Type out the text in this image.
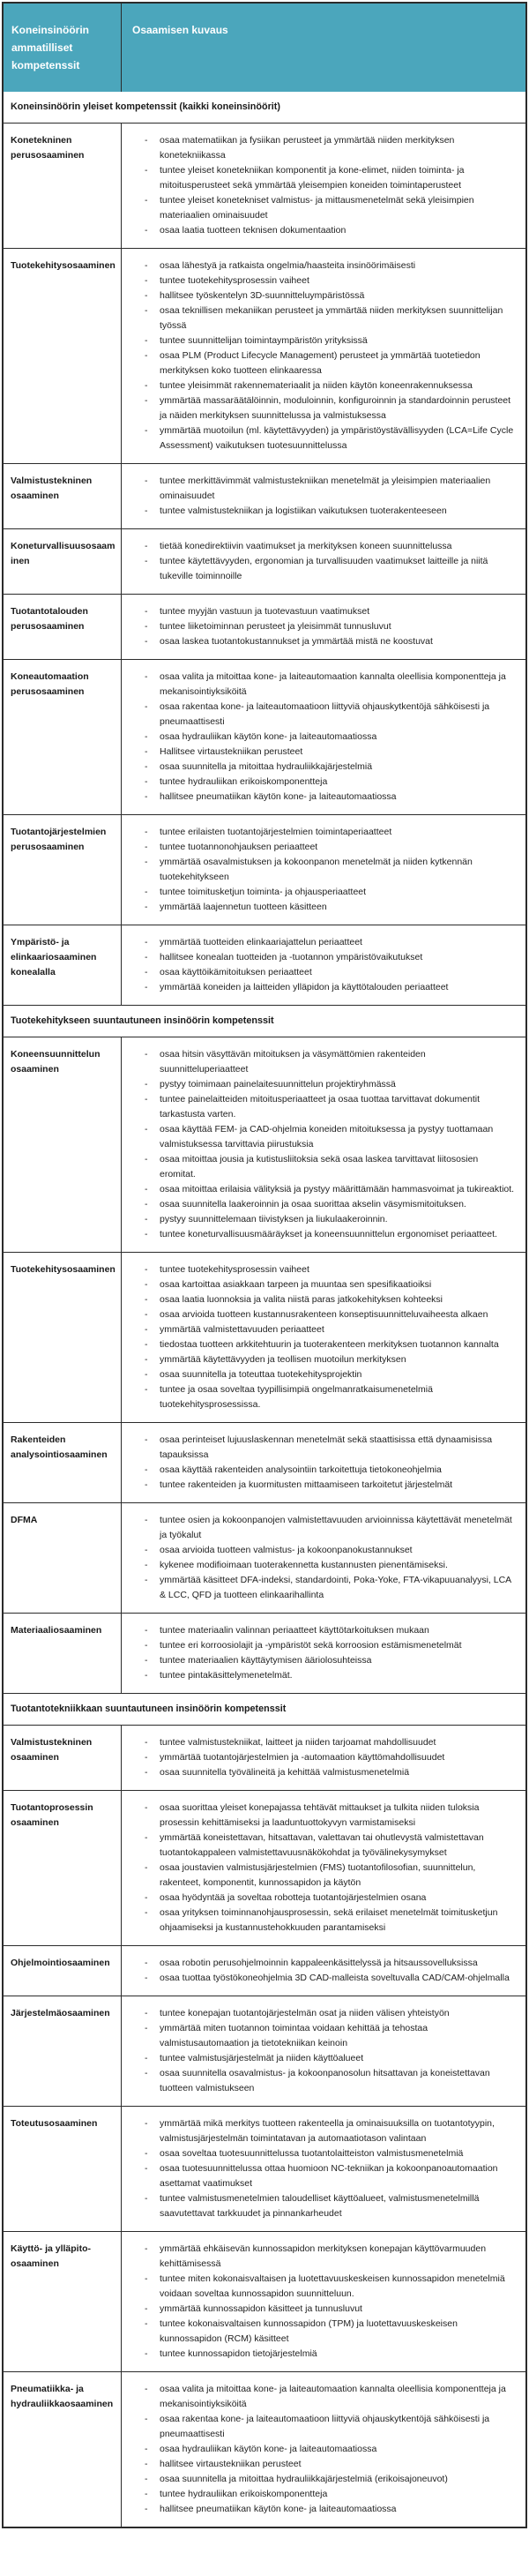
Koneinsinöörin ammatilliset kompetenssit
Osaamisen kuvaus
Koneinsinöörin yleiset kompetenssit (kaikki koneinsinöörit)
Konetekninen perusosaaminen
-	osaa matematiikan ja fysiikan perusteet ja ymmärtää niiden merkityksen konetekniikassa
-	tuntee yleiset konetekniikan komponentit ja kone-elimet, niiden toiminta- ja mitoitusperusteet sekä ymmärtää yleisempien koneiden toimintaperusteet
-	tuntee yleiset konetekniset valmistus- ja mittausmenetelmät sekä yleisimpien materiaalien ominaisuudet
-	osaa laatia tuotteen teknisen dokumentaation
Tuotekehitysosaaminen	-	osaa lähestyä ja ratkaista ongelmia/haasteita insinöörimäisesti
-	tuntee tuotekehitysprosessin vaiheet
-	hallitsee työskentelyn 3D-suunnitteluympäristössä
-	osaa teknillisen mekaniikan perusteet ja ymmärtää niiden merkityksen suunnittelijan työssä
-	tuntee suunnittelijan toimintaympäristön yrityksissä
-	osaa PLM (Product Lifecycle Management) perusteet ja ymmärtää tuotetiedon merkityksen koko tuotteen elinkaaressa
-	tuntee yleisimmät rakennemateriaalit ja niiden käytön koneenrakennuksessa
-	ymmärtää massaräätälöinnin, moduloinnin, konfiguroinnin ja standardoinnin perusteet ja näiden merkityksen suunnittelussa ja valmistuksessa
-	ymmärtää muotoilun (ml. käytettävyyden) ja ympäristöystävällisyyden (LCA=Life Cycle Assessment) vaikutuksen tuotesuunnittelussa
Valmistustekninen osaaminen
-	tuntee merkittävimmät valmistustekniikan menetelmät ja yleisimpien materiaalien ominaisuudet
-	tuntee valmistustekniikan ja logistiikan vaikutuksen tuoterakenteeseen
Koneturvallisuusosaaminen
-	tietää konedirektiivin vaatimukset ja merkityksen koneen suunnittelussa
-	tuntee käytettävyyden, ergonomian ja turvallisuuden vaatimukset laitteille ja niitä tukeville toiminnoille
Tuotantotalouden perusosaaminen
-	tuntee myyjän vastuun ja tuotevastuun vaatimukset
-	tuntee liiketoiminnan perusteet ja yleisimmät tunnusluvut
-	osaa laskea tuotantokustannukset ja ymmärtää mistä ne koostuvat
Koneautomaation perusosaaminen
-	osaa valita ja mitoittaa kone- ja laiteautomaation kannalta oleellisia komponentteja ja mekanisointiyksiköitä
-	osaa rakentaa kone- ja laiteautomaatioon liittyviä ohjauskytkentöjä sähköisesti ja pneumaattisesti
-	osaa hydrauliikan käytön kone- ja laiteautomaatiossa
-	Hallitsee virtaustekniikan perusteet
-	osaa suunnitella ja mitoittaa hydrauliikkajärjestelmiä
-	tuntee hydrauliikan erikoiskomponentteja
-	hallitsee pneumatiikan käytön kone- ja laiteautomaatiossa
Tuotantojärjestelmien perusosaaminen
-	tuntee erilaisten tuotantojärjestelmien toimintaperiaatteet
-	tuntee tuotannonohjauksen periaatteet
-	ymmärtää osavalmistuksen ja kokoonpanon menetelmät ja niiden kytkennän tuotekehitykseen
-	tuntee toimitusketjun toiminta- ja ohjausperiaatteet
-	ymmärtää laajennetun tuotteen käsitteen
Ympäristö- ja elinkaariosaaminen konealalla
-	ymmärtää tuotteiden elinkaariajattelun periaatteet
-	hallitsee konealan tuotteiden ja -tuotannon ympäristövaikutukset
-	osaa käyttöikämitoituksen periaatteet
-	ymmärtää koneiden ja laitteiden ylläpidon ja käyttötalouden periaatteet
Tuotekehitykseen suuntautuneen insinöörin kompetenssit
Koneensuunnittelun osaaminen
-	osaa hitsin väsyttävän mitoituksen ja väsymättömien rakenteiden suunnitteluperiaatteet
-	pystyy toimimaan painelaitesuunnittelun projektiryhmässä
-	tuntee painelaitteiden mitoitusperiaatteet ja osaa tuottaa tarvittavat dokumentit tarkastusta varten.
-	osaa käyttää FEM- ja CAD-ohjelmia koneiden mitoituksessa ja pystyy tuottamaan valmistuksessa tarvittavia piirustuksia
-	osaa mitoittaa jousia ja kutistusliitoksia sekä osaa laskea tarvittavat liitososien eromitat.
-	osaa mitoittaa erilaisia välityksiä ja pystyy määrittämään hammasvoimat ja tukireaktiot.
-	osaa suunnitella laakeroinnin ja osaa suorittaa akselin väsymismitoituksen.
-	pystyy suunnittelemaan tiivistyksen ja liukulaakeroinnin.
-	tuntee koneturvallisuusmääräykset ja koneensuunnittelun ergonomiset periaatteet.
Tuotekehitysosaaminen	-	tuntee tuotekehitysprosessin vaiheet
-	osaa kartoittaa asiakkaan tarpeen ja muuntaa sen spesifikaatioiksi
-	osaa laatia luonnoksia ja valita niistä paras jatkokehityksen kohteeksi
-	osaa arvioida tuotteen kustannusrakenteen konseptisuunnitteluvaiheesta alkaen
-	ymmärtää valmistettavuuden periaatteet
-	tiedostaa tuotteen arkkitehtuurin ja tuoterakenteen merkityksen tuotannon kannalta
-	ymmärtää käytettävyyden ja teollisen muotoilun merkityksen
-	osaa suunnitella ja toteuttaa tuotekehitysprojektin
-	tuntee ja osaa soveltaa tyypillisimpiä ongelmanratkaisumenetelmiä tuotekehitysprosessissa.
Rakenteiden analysointiosaaminen
-	osaa perinteiset lujuuslaskennan menetelmät sekä staattisissa että dynaamisissa tapauksissa
-	osaa käyttää rakenteiden analysointiin tarkoitettuja tietokoneohjelmia
-	tuntee rakenteiden ja kuormitusten mittaamiseen tarkoitetut järjestelmät
DFMA	-	tuntee osien ja kokoonpanojen valmistettavuuden arvioinnissa käytettävät menetelmät ja työkalut
-	osaa arvioida tuotteen valmistus- ja kokoonpanokustannukset
-	kykenee modifioimaan tuoterakennetta kustannusten pienentämiseksi.
-	ymmärtää käsitteet DFA-indeksi, standardointi, Poka-Yoke, FTA-vikapuuanalyysi, LCA & LCC, QFD ja tuotteen elinkaarihallinta
Materiaaliosaaminen	-	tuntee materiaalin valinnan periaatteet käyttötarkoituksen mukaan
-	tuntee eri korroosiolajit ja -ympäristöt sekä korroosion estämismenetelmät
-	tuntee materiaalien käyttäytymisen ääriolosuhteissa
-	tuntee pintakäsittelymenetelmät.
Tuotantotekniikkaan suuntautuneen insinöörin kompetenssit
Valmistustekninen osaaminen
-	tuntee valmistustekniikat, laitteet ja niiden tarjoamat mahdollisuudet
-	ymmärtää tuotantojärjestelmien ja -automaation käyttömahdollisuudet
-	osaa suunnitella työvälineitä ja kehittää valmistusmenetelmiä
Tuotantoprosessin osaaminen
-	osaa suorittaa yleiset konepajassa tehtävät mittaukset ja tulkita niiden tuloksia prosessin kehittämiseksi ja laaduntuottokyvyn varmistamiseksi
-	ymmärtää koneistettavan, hitsattavan, valettavan tai ohutlevystä valmistettavan tuotantokappaleen valmistettavuusnäkökohdat ja työvälinekysymykset
-	osaa joustavien valmistusjärjestelmien (FMS) tuotantofilosofian, suunnittelun, rakenteet, komponentit, kunnossapidon ja käytön
-	osaa hyödyntää ja soveltaa robotteja tuotantojärjestelmien osana
-	osaa yrityksen toiminnanohjausprosessin, sekä erilaiset menetelmät toimitusketjun ohjaamiseksi ja kustannustehokkuuden parantamiseksi
Ohjelmointiosaaminen	-	osaa robotin perusohjelmoinnin kappaleenkäsittelyssä ja hitsaussovelluksissa
-	osaa tuottaa työstökoneohjelmia 3D CAD-malleista soveltuvalla CAD/CAM-ohjelmalla
Järjestelmäosaaminen	-	tuntee konepajan tuotantojärjestelmän osat ja niiden välisen yhteistyön
-	ymmärtää miten tuotannon toimintaa voidaan kehittää ja tehostaa valmistusautomaation ja tietotekniikan keinoin
-	tuntee valmistusjärjestelmät ja niiden käyttöalueet
-	osaa suunnitella osavalmistus- ja kokoonpanosolun hitsattavan ja koneistettavan tuotteen valmistukseen
Toteutusosaaminen	-	ymmärtää mikä merkitys tuotteen rakenteella ja ominaisuuksilla on tuotantotyypin, valmistusjärjestelmän toimintatavan ja automaatiotason valintaan
-	osaa soveltaa tuotesuunnittelussa tuotantolaitteiston valmistusmenetelmiä
-	osaa tuotesuunnittelussa ottaa huomioon NC-tekniikan ja kokoonpanoautomaation asettamat vaatimukset
-	tuntee valmistusmenetelmien taloudelliset käyttöalueet, valmistusmenetelmillä saavutettavat tarkkuudet ja pinnankarheudet
Käyttö- ja ylläpito-osaaminen
-	ymmärtää ehkäisevän kunnossapidon merkityksen konepajan käyttövarmuuden kehittämisessä
-	tuntee miten kokonaisvaltaisen ja luotettavuuskeskeisen kunnossapidon menetelmiä voidaan soveltaa kunnossapidon suunnitteluun.
-	ymmärtää kunnossapidon käsitteet ja tunnusluvut
-	tuntee kokonaisvaltaisen kunnossapidon (TPM) ja luotettavuuskeskeisen kunnossapidon (RCM) käsitteet
-	tuntee kunnossapidon tietojärjestelmiä
Pneumatiikka- ja hydrauliikkaosaaminen
-	osaa valita ja mitoittaa kone- ja laiteautomaation kannalta oleellisia komponentteja ja mekanisointiyksiköitä
-	osaa rakentaa kone- ja laiteautomaatioon liittyviä ohjauskytkentöjä sähköisesti ja pneumaattisesti
-	osaa hydrauliikan käytön kone- ja laiteautomaatiossa
-	hallitsee virtaustekniikan perusteet
-	osaa suunnitella ja mitoittaa hydrauliikkajärjestelmiä (erikoisajoneuvot)
-	tuntee hydrauliikan erikoiskomponentteja
-	hallitsee pneumatiikan käytön kone- ja laiteautomaatiossa
